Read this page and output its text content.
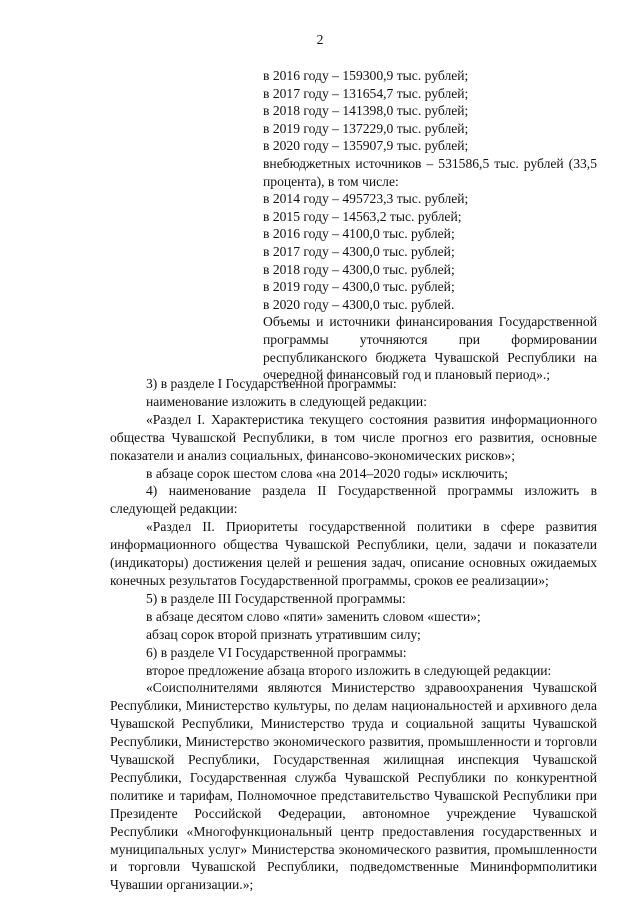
2
в 2016 году – 159300,9 тыс. рублей;
в 2017 году – 131654,7 тыс. рублей;
в 2018 году – 141398,0 тыс. рублей;
в 2019 году – 137229,0 тыс. рублей;
в 2020 году – 135907,9 тыс. рублей;
внебюджетных источников – 531586,5 тыс. рублей (33,5 процента), в том числе:
в 2014 году – 495723,3 тыс. рублей;
в 2015 году – 14563,2 тыс. рублей;
в 2016 году – 4100,0 тыс. рублей;
в 2017 году – 4300,0 тыс. рублей;
в 2018 году – 4300,0 тыс. рублей;
в 2019 году – 4300,0 тыс. рублей;
в 2020 году – 4300,0 тыс. рублей.
Объемы и источники финансирования Государственной программы уточняются при формировании республиканского бюджета Чувашской Республики на очередной финансовый год и плановый период».;

3) в разделе I Государственной программы:

наименование изложить в следующей редакции:

«Раздел I. Характеристика текущего состояния развития информационного общества Чувашской Республики, в том числе прогноз его развития, основные показатели и анализ социальных, финансово-экономических рисков»;

в абзаце сорок шестом слова «на 2014–2020 годы» исключить;

4) наименование раздела II Государственной программы изложить в следующей редакции:

«Раздел II. Приоритеты государственной политики в сфере развития информационного общества Чувашской Республики, цели, задачи и показатели (индикаторы) достижения целей и решения задач, описание основных ожидаемых конечных результатов Государственной программы, сроков ее реализации»;

5) в разделе III Государственной программы:

в абзаце десятом слово «пяти» заменить словом «шести»;

абзац сорок второй признать утратившим силу;

6) в разделе VI Государственной программы:

второе предложение абзаца второго изложить в следующей редакции:

«Соисполнителями являются Министерство здравоохранения Чувашской Республики, Министерство культуры, по делам национальностей и архивного дела Чувашской Республики, Министерство труда и социальной защиты Чувашской Республики, Министерство экономического развития, промышленности и торговли Чувашской Республики, Государственная жилищная инспекция Чувашской Республики, Государственная служба Чувашской Республики по конкурентной политике и тарифам, Полномочное представительство Чувашской Республики при Президенте Российской Федерации, автономное учреждение Чувашской Республики «Многофункциональный центр предоставления государственных и муниципальных услуг» Министерства экономического развития, промышленности и торговли Чувашской Республики, подведомственные Мининформполитики Чувашии организации.»;
